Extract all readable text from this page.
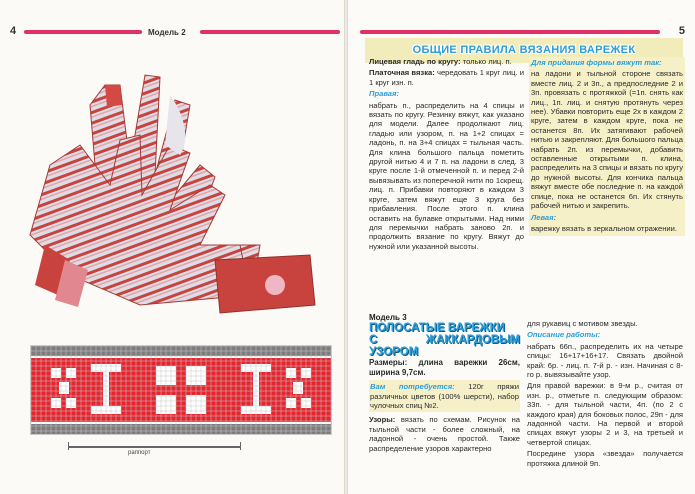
4	Модель 2
раппорт
5
ОБЩИЕ ПРАВИЛА ВЯЗАНИЯ ВАРЕЖЕК

Лицевая гладь по кругу: только лиц. п.

Платочная вязка: чередовать 1 круг лиц. и 1 круг изн. п.

Правая:

набрать п., распределить на 4 спицы и вязать по кругу. Резинку вяжут, как указано для модели. Далее продолжают лиц. гладью или узором, п. на 1+2 спицах = ладонь, п. на 3+4 спицах = тыльная часть. Для клина большого пальца пометить другой нитью 4 и 7 п. на ладони в след. 3 круге после 1-й отмеченной п. и перед 2-й вывязывать из поперечной нити по 1скрещ. лиц. п. Прибавки повторяют в каждом 3 круге, затем вяжут еще 3 круга без прибавления. После этого п. клина оставить на булавке открытыми. Над ними для перемычки набрать заново 2п. и продолжить вязание по кругу. Вяжут до нужной или указанной высоты.

Для придания формы вяжут так:

на ладони и тыльной стороне связать вместе лиц. 2 и 3п., а предпоследние 2 и 3п. провязать с протяжкой (=1п. снять как лиц., 1п. лиц. и снятую протянуть через нее). Убавки повторить еще 2х в каждом 2 круге, затем в каждом круге, пока не останется 8п. Их затягивают рабочей нитью и закрепляют. Для большого пальца набрать 2п. из перемычки, добавить оставленные открытыми п. клина, распределить на 3 спицы и вязать по кругу до нужной высоты. Для кончика пальца вяжут вместе обе последние п. на каждой спице, пока не останется 6п. Их стянуть рабочей нитью и закрепить.

Левая:

варежку вязать в зеркальном отражении.

Модель 3
ПОЛОСАТЫЕ ВАРЕЖКИ
С ЖАККАРДОВЫМ УЗОРОМ

Размеры: длина варежки 26см, ширина 9,7см.

Вам потребуется: 120г пряжи различных цветов (100% шерсти), набор чулочных спиц №2.

Узоры: вязать по схемам. Рисунок на тыльной части - более сложный, на ладонной - очень простой. Также распределение узоров характерно

для рукавиц с мотивом звезды.

Описание работы:

набрать 66п., распределить их на четыре спицы: 16+17+16+17. Связать двойной край: 6р. - лиц. п. 7-й р. - изн. Начиная с 8-го р. вывязывайте узор.

Для правой варежки: в 9-м р., считая от изн. р., отметьте п. следующим образом: 33п. - для тыльной части, 4п. (по 2 с каждого края) для боковых полос, 29п - для ладонной части. На первой и второй спицах вяжут узоры 2 и 3, на третьей и четвертой спицах.

Посредине узора «звезда» получается протяжка длиной 9п.
